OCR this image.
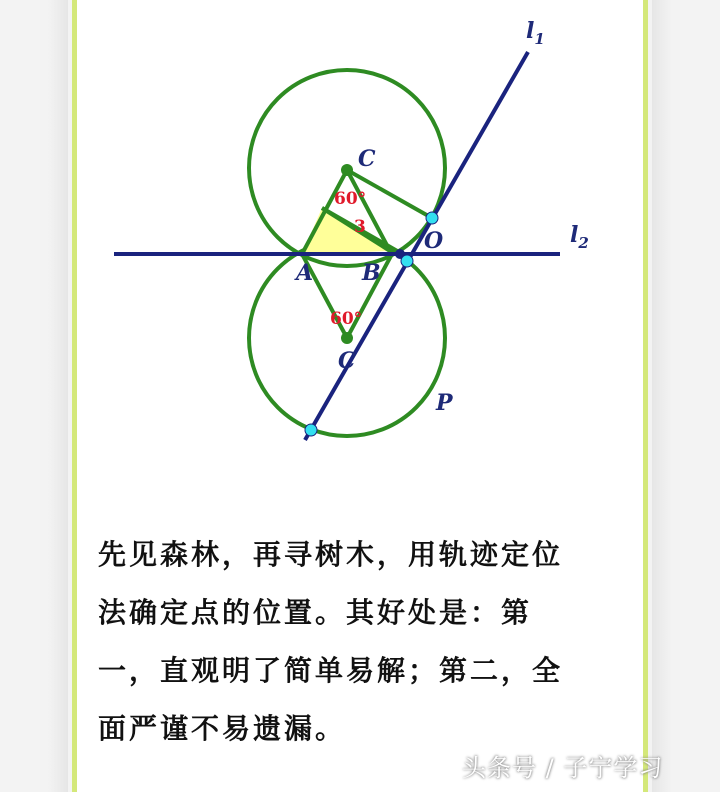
$l_1$
$l_2$
C
C
O
A B
P
60°
3
60°

先见森林，再寻树木，用轨迹定位
法确定点的位置。其好处是：第
一，直观明了简单易解；第二，全
面严谨不易遗漏。

头条号 / 子宁学习
